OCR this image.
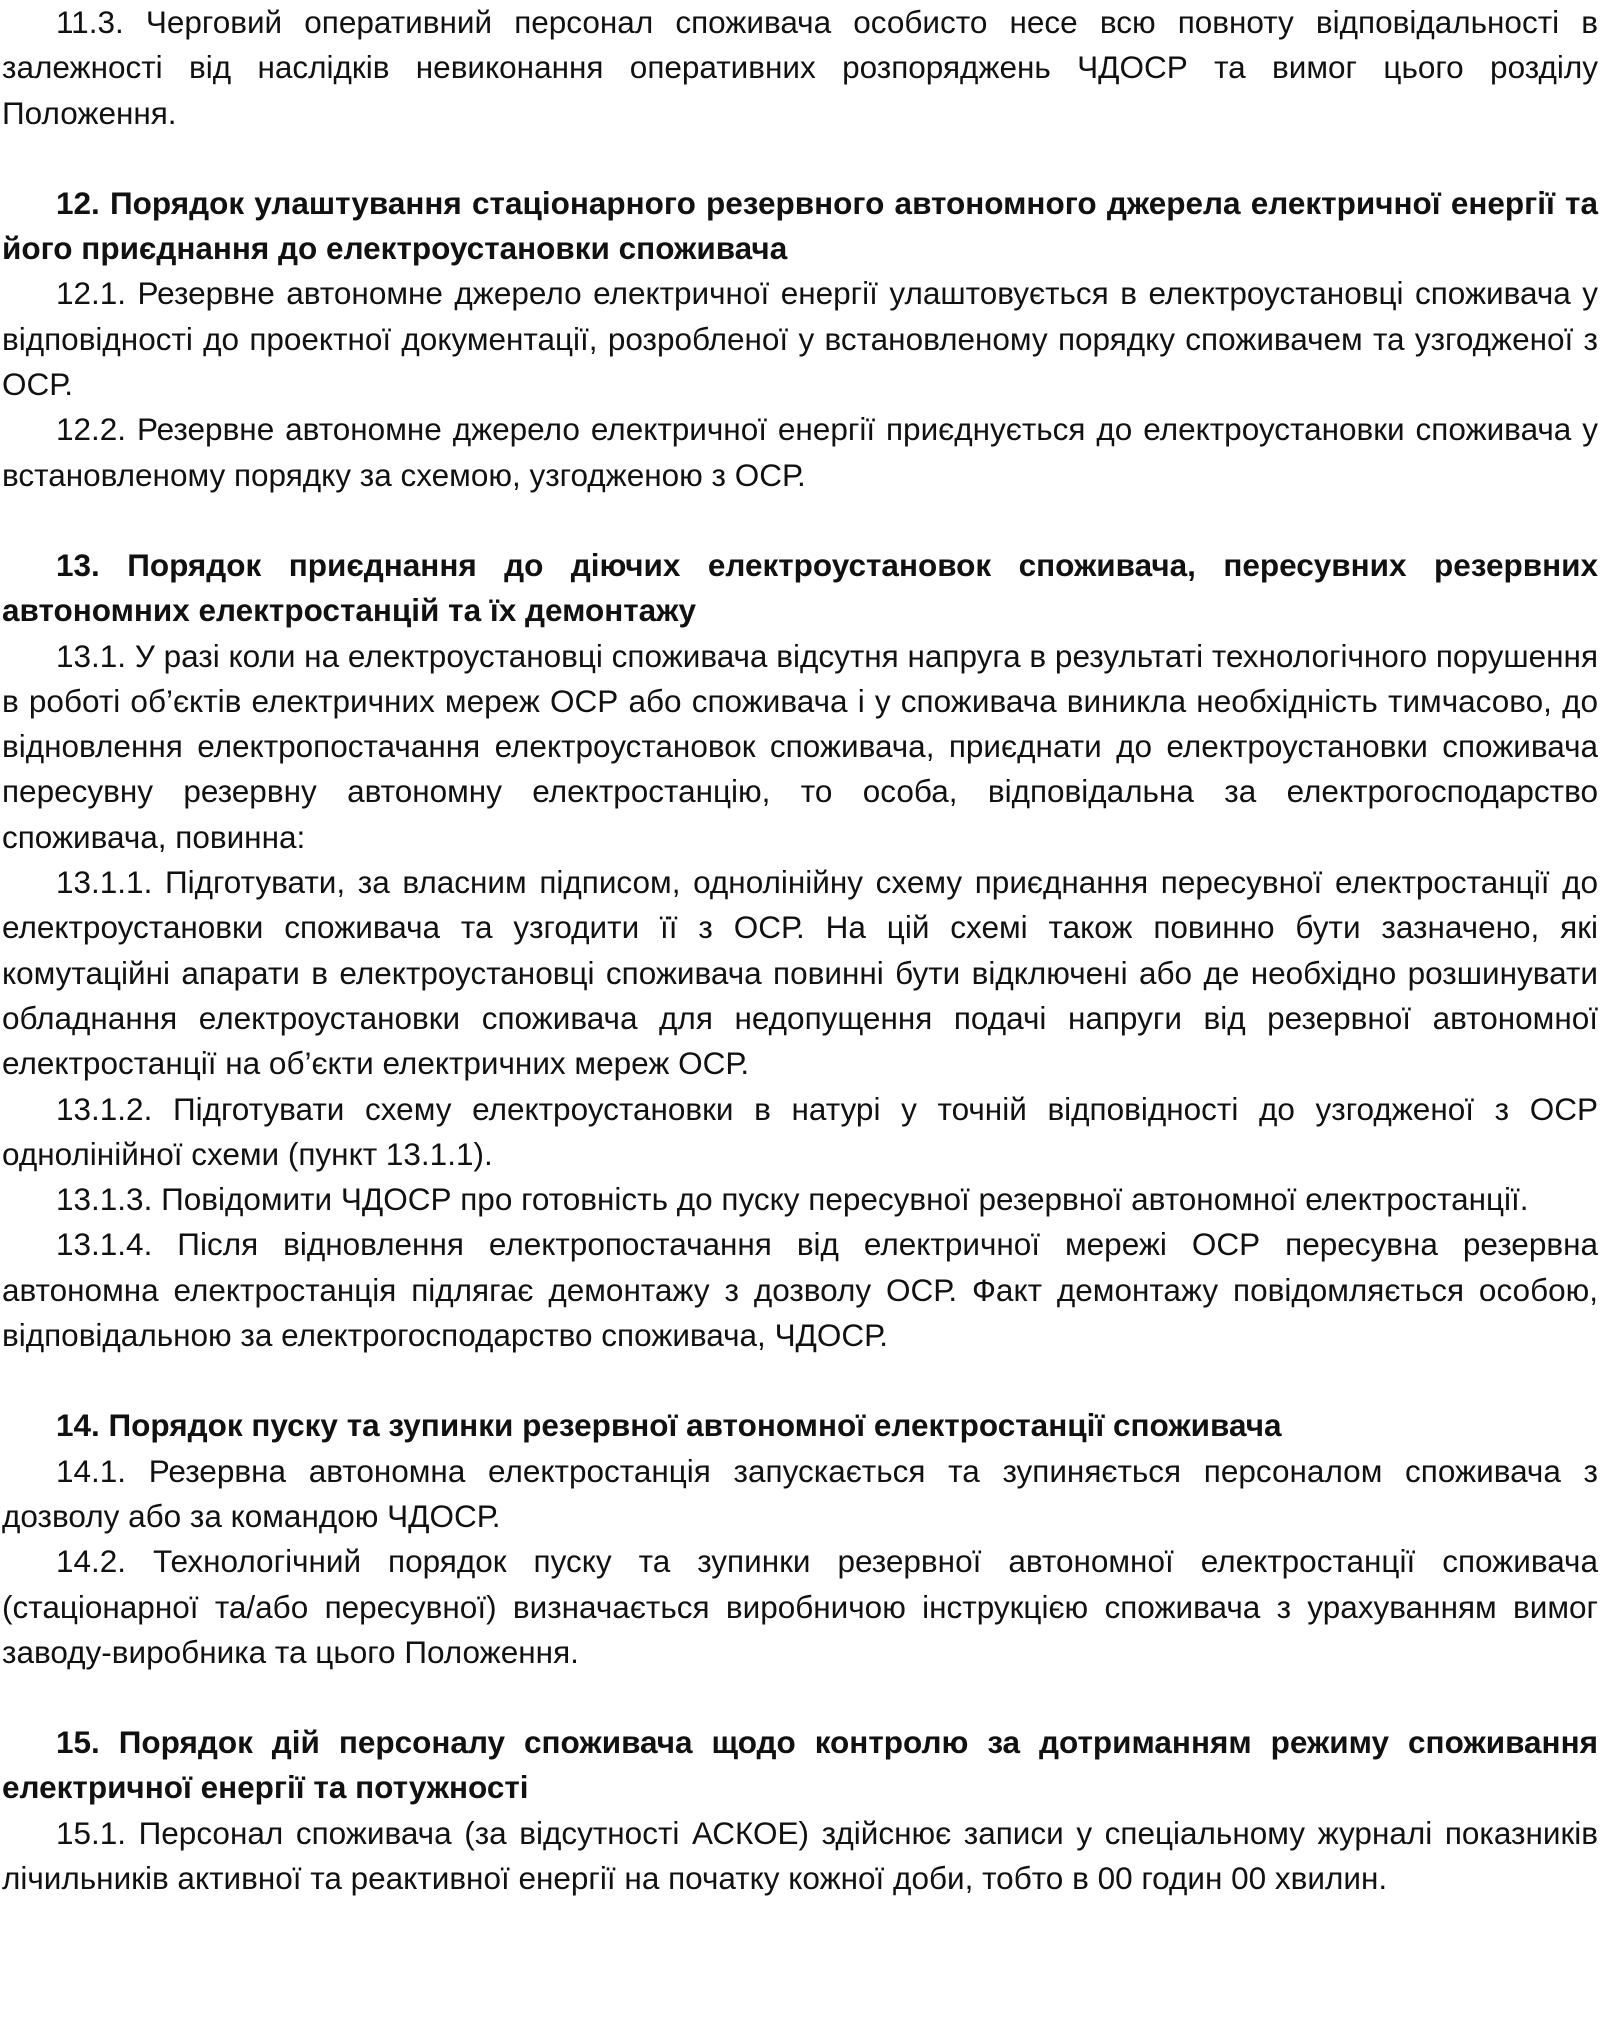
11.3. Черговий оперативний персонал споживача особисто несе всю повноту відповідальності в залежності від наслідків невиконання оперативних розпоряджень ЧДОСР та вимог цього розділу Положення.

12. Порядок улаштування стаціонарного резервного автономного джерела електричної енергії та його приєднання до електроустановки споживача

12.1. Резервне автономне джерело електричної енергії улаштовується в електроустановці споживача у відповідності до проектної документації, розробленої у встановленому порядку споживачем та узгодженої з ОСР.

12.2. Резервне автономне джерело електричної енергії приєднується до електроустановки споживача у встановленому порядку за схемою, узгодженою з ОСР.

13. Порядок приєднання до діючих електроустановок споживача, пересувних резервних автономних електростанцій та їх демонтажу

13.1. У разі коли на електроустановці споживача відсутня напруга в результаті технологічного порушення в роботі об’єктів електричних мереж ОСР або споживача і у споживача виникла необхідність тимчасово, до відновлення електропостачання електроустановок споживача, приєднати до електроустановки споживача пересувну резервну автономну електростанцію, то особа, відповідальна за електрогосподарство споживача, повинна:

13.1.1. Підготувати, за власним підписом, однолінійну схему приєднання пересувної електростанції до електроустановки споживача та узгодити її з ОСР. На цій схемі також повинно бути зазначено, які комутаційні апарати в електроустановці споживача повинні бути відключені або де необхідно розшинувати обладнання електроустановки споживача для недопущення подачі напруги від резервної автономної електростанції на об’єкти електричних мереж ОСР.

13.1.2. Підготувати схему електроустановки в натурі у точній відповідності до узгодженої з ОСР однолінійної схеми (пункт 13.1.1).

13.1.3. Повідомити ЧДОСР про готовність до пуску пересувної резервної автономної електростанції.

13.1.4. Після відновлення електропостачання від електричної мережі ОСР пересувна резервна автономна електростанція підлягає демонтажу з дозволу ОСР. Факт демонтажу повідомляється особою, відповідальною за електрогосподарство споживача, ЧДОСР.

14. Порядок пуску та зупинки резервної автономної електростанції споживача

14.1. Резервна автономна електростанція запускається та зупиняється персоналом споживача з дозволу або за командою ЧДОСР.

14.2. Технологічний порядок пуску та зупинки резервної автономної електростанції споживача (стаціонарної та/або пересувної) визначається виробничою інструкцією споживача з урахуванням вимог заводу-виробника та цього Положення.

15. Порядок дій персоналу споживача щодо контролю за дотриманням режиму споживання електричної енергії та потужності

15.1. Персонал споживача (за відсутності АСКОЕ) здійснює записи у спеціальному журналі показників лічильників активної та реактивної енергії на початку кожної доби, тобто в 00 годин 00 хвилин.
